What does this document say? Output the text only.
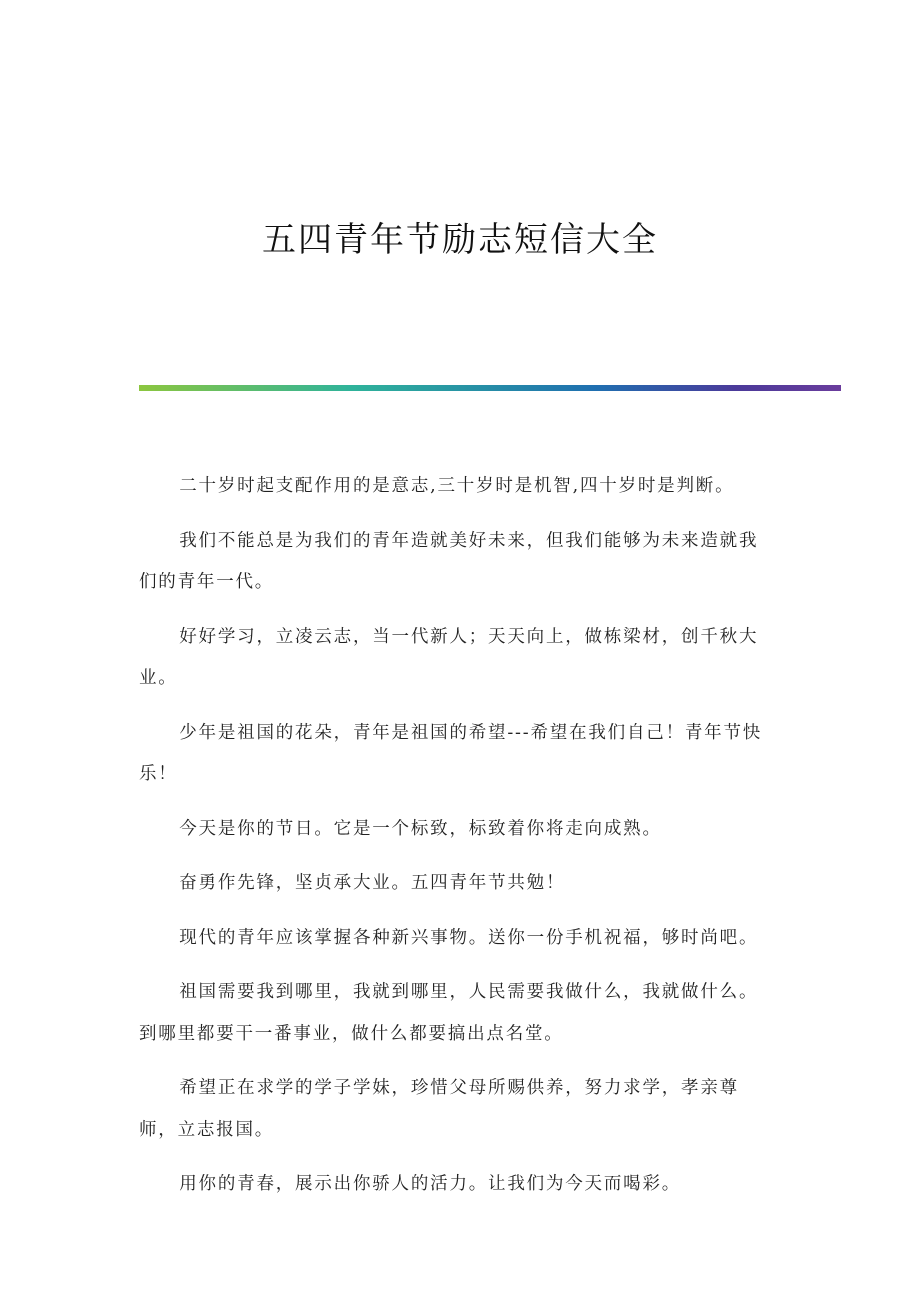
五四青年节励志短信大全

二十岁时起支配作用的是意志,三十岁时是机智,四十岁时是判断。

我们不能总是为我们的青年造就美好未来，但我们能够为未来造就我们的青年一代。

好好学习，立凌云志，当一代新人；天天向上，做栋梁材，创千秋大业。

少年是祖国的花朵，青年是祖国的希望---希望在我们自己！青年节快乐！

今天是你的节日。它是一个标致，标致着你将走向成熟。

奋勇作先锋，坚贞承大业。五四青年节共勉！

现代的青年应该掌握各种新兴事物。送你一份手机祝福，够时尚吧。

祖国需要我到哪里，我就到哪里，人民需要我做什么，我就做什么。到哪里都要干一番事业，做什么都要搞出点名堂。

希望正在求学的学子学妹，珍惜父母所赐供养，努力求学，孝亲尊师，立志报国。

用你的青春，展示出你骄人的活力。让我们为今天而喝彩。
